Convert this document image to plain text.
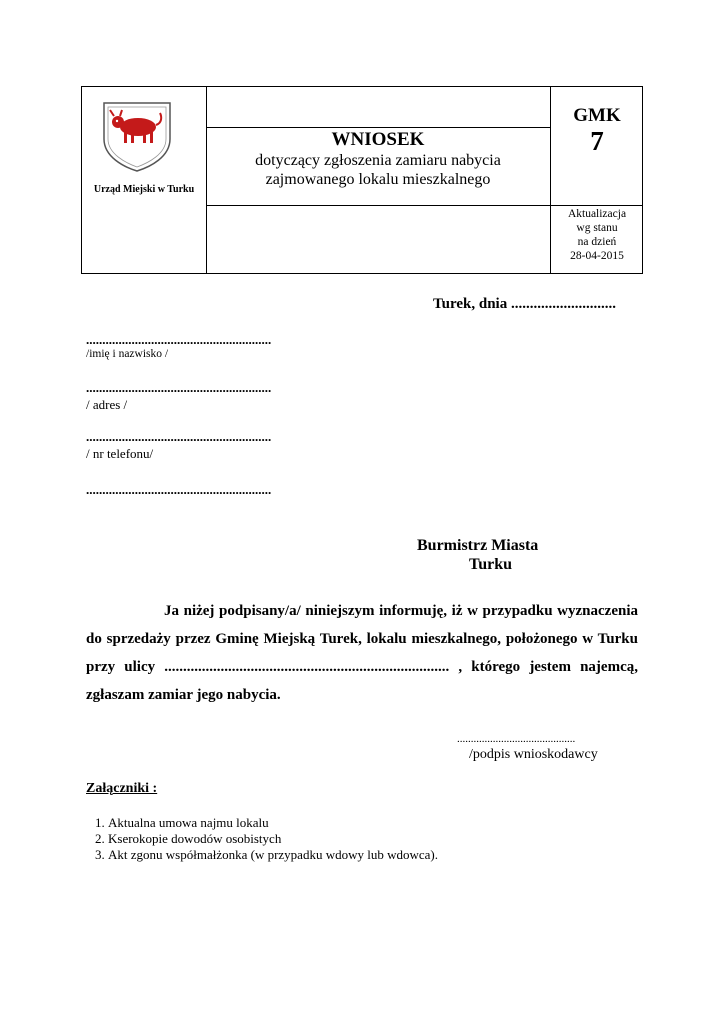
Urząd Miejski w Turku
WNIOSEK
dotyczący zgłoszenia zamiaru nabycia
zajmowanego lokalu mieszkalnego
GMK
7
Aktualizacja
wg stanu
na dzień
28-04-2015
Turek, dnia ............................
.........................................................
/imię i nazwisko /
.........................................................
/ adres /
.........................................................
/ nr telefonu/
.........................................................
Burmistrz Miasta
Turku
Ja niżej podpisany/a/ niniejszym informuję, iż w przypadku wyznaczenia do sprzedaży przez Gminę Miejską Turek, lokalu mieszkalnego, położonego w Turku przy ulicy ............................................................................ , którego jestem najemcą, zgłaszam zamiar jego nabycia.
...........................................
/podpis wnioskodawcy
Załączniki :
1. Aktualna umowa najmu lokalu
2. Kserokopie dowodów osobistych
3. Akt zgonu współmałżonka (w przypadku wdowy lub wdowca).
